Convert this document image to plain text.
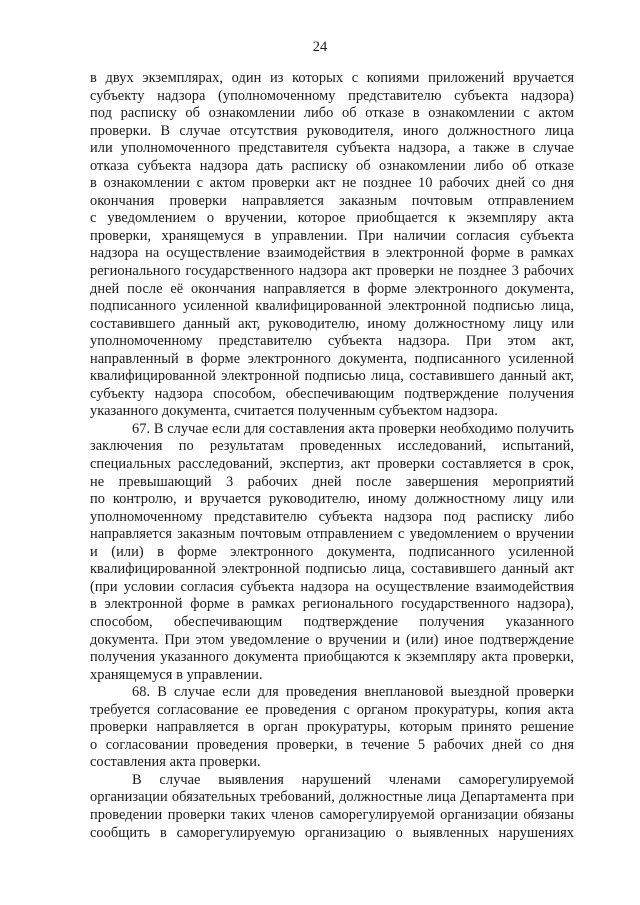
24
в двух экземплярах, один из которых с копиями приложений вручается
субъекту надзора (уполномоченному представителю субъекта надзора)
под расписку об ознакомлении либо об отказе в ознакомлении с актом
проверки. В случае отсутствия руководителя, иного должностного лица
или уполномоченного представителя субъекта надзора, а также в случае
отказа субъекта надзора дать расписку об ознакомлении либо об отказе
в ознакомлении с актом проверки акт не позднее 10 рабочих дней со дня
окончания проверки направляется заказным почтовым отправлением
с уведомлением о вручении, которое приобщается к экземпляру акта
проверки, хранящемуся в управлении. При наличии согласия субъекта
надзора на осуществление взаимодействия в электронной форме в рамках
регионального государственного надзора акт проверки не позднее 3 рабочих
дней после её окончания направляется в форме электронного документа,
подписанного усиленной квалифицированной электронной подписью лица,
составившего данный акт, руководителю, иному должностному лицу или
уполномоченному представителю субъекта надзора. При этом акт,
направленный в форме электронного документа, подписанного усиленной
квалифицированной электронной подписью лица, составившего данный акт,
субъекту надзора способом, обеспечивающим подтверждение получения
указанного документа, считается полученным субъектом надзора.
67. В случае если для составления акта проверки необходимо получить
заключения по результатам проведенных исследований, испытаний,
специальных расследований, экспертиз, акт проверки составляется в срок,
не превышающий 3 рабочих дней после завершения мероприятий
по контролю, и вручается руководителю, иному должностному лицу или
уполномоченному представителю субъекта надзора под расписку либо
направляется заказным почтовым отправлением с уведомлением о вручении
и (или) в форме электронного документа, подписанного усиленной
квалифицированной электронной подписью лица, составившего данный акт
(при условии согласия субъекта надзора на осуществление взаимодействия
в электронной форме в рамках регионального государственного надзора),
способом, обеспечивающим подтверждение получения указанного
документа. При этом уведомление о вручении и (или) иное подтверждение
получения указанного документа приобщаются к экземпляру акта проверки,
хранящемуся в управлении.
68. В случае если для проведения внеплановой выездной проверки
требуется согласование ее проведения с органом прокуратуры, копия акта
проверки направляется в орган прокуратуры, которым принято решение
о согласовании проведения проверки, в течение 5 рабочих дней со дня
составления акта проверки.
В случае выявления нарушений членами саморегулируемой
организации обязательных требований, должностные лица Департамента при
проведении проверки таких членов саморегулируемой организации обязаны
сообщить в саморегулируемую организацию о выявленных нарушениях
